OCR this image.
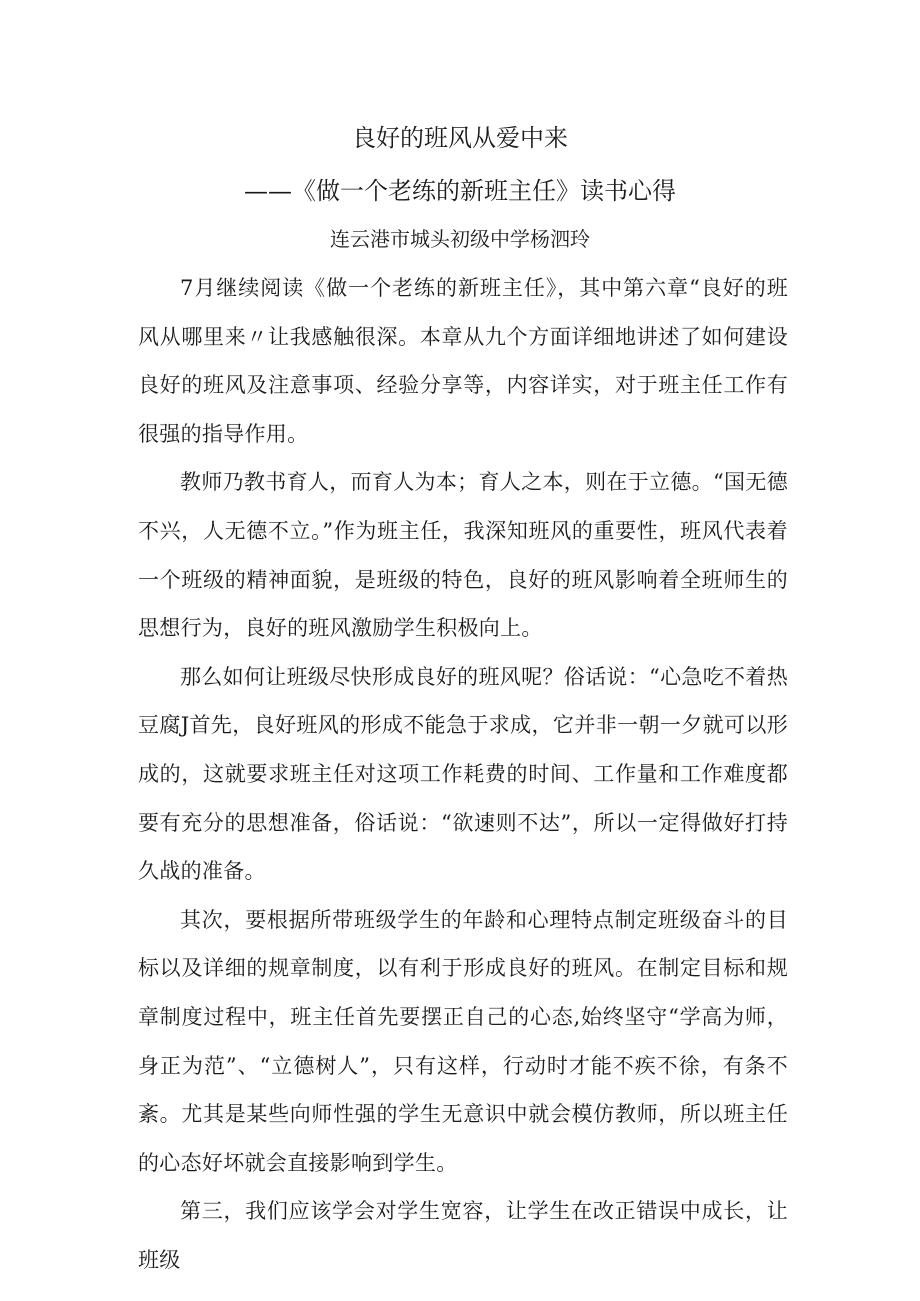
良好的班风从爱中来
——《做一个老练的新班主任》读书心得
连云港市城头初级中学杨泗玲

7月继续阅读《做一个老练的新班主任》，其中第六章“良好的班风从哪里来〃让我感触很深。本章从九个方面详细地讲述了如何建设良好的班风及注意事项、经验分享等，内容详实，对于班主任工作有很强的指导作用。

教师乃教书育人，而育人为本；育人之本，则在于立德。“国无德不兴，人无德不立。”作为班主任，我深知班风的重要性，班风代表着一个班级的精神面貌，是班级的特色，良好的班风影响着全班师生的思想行为，良好的班风激励学生积极向上。

那么如何让班级尽快形成良好的班风呢？俗话说：“心急吃不着热豆腐J首先，良好班风的形成不能急于求成，它并非一朝一夕就可以形成的，这就要求班主任对这项工作耗费的时间、工作量和工作难度都要有充分的思想准备，俗话说：“欲速则不达”，所以一定得做好打持久战的准备。

其次，要根据所带班级学生的年龄和心理特点制定班级奋斗的目标以及详细的规章制度，以有利于形成良好的班风。在制定目标和规章制度过程中，班主任首先要摆正自己的心态,始终坚守“学高为师，身正为范”、“立德树人”，只有这样，行动时才能不疾不徐，有条不紊。尤其是某些向师性强的学生无意识中就会模仿教师，所以班主任的心态好坏就会直接影响到学生。

第三，我们应该学会对学生宽容，让学生在改正错误中成长，让班级
